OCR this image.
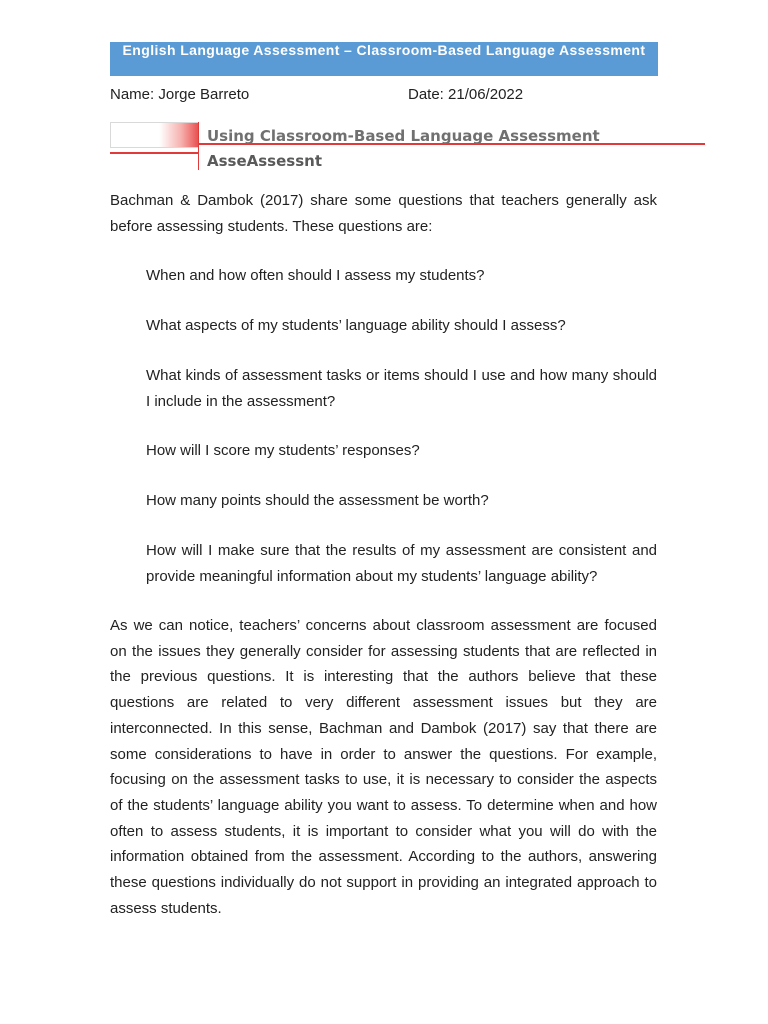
English Language Assessment – Classroom-Based Language Assessment
Name: Jorge Barreto	Date: 21/06/2022
Using Classroom-Based Language Assessment
AsseAssessnt

Bachman & Dambok (2017) share some questions that teachers generally ask before assessing students. These questions are:

When and how often should I assess my students?

What aspects of my students’ language ability should I assess?

What kinds of assessment tasks or items should I use and how many should I include in the assessment?

How will I score my students’ responses?

How many points should the assessment be worth?

How will I make sure that the results of my assessment are consistent and provide meaningful information about my students’ language ability?

As we can notice, teachers’ concerns about classroom assessment are focused on the issues they generally consider for assessing students that are reflected in the previous questions. It is interesting that the authors believe that these questions are related to very different assessment issues but they are interconnected. In this sense, Bachman and Dambok (2017) say that there are some considerations to have in order to answer the questions. For example, focusing on the assessment tasks to use, it is necessary to consider the aspects of the students’ language ability you want to assess. To determine when and how often to assess students, it is important to consider what you will do with the information obtained from the assessment. According to the authors, answering these questions individually do not support in providing an integrated approach to assess students.
